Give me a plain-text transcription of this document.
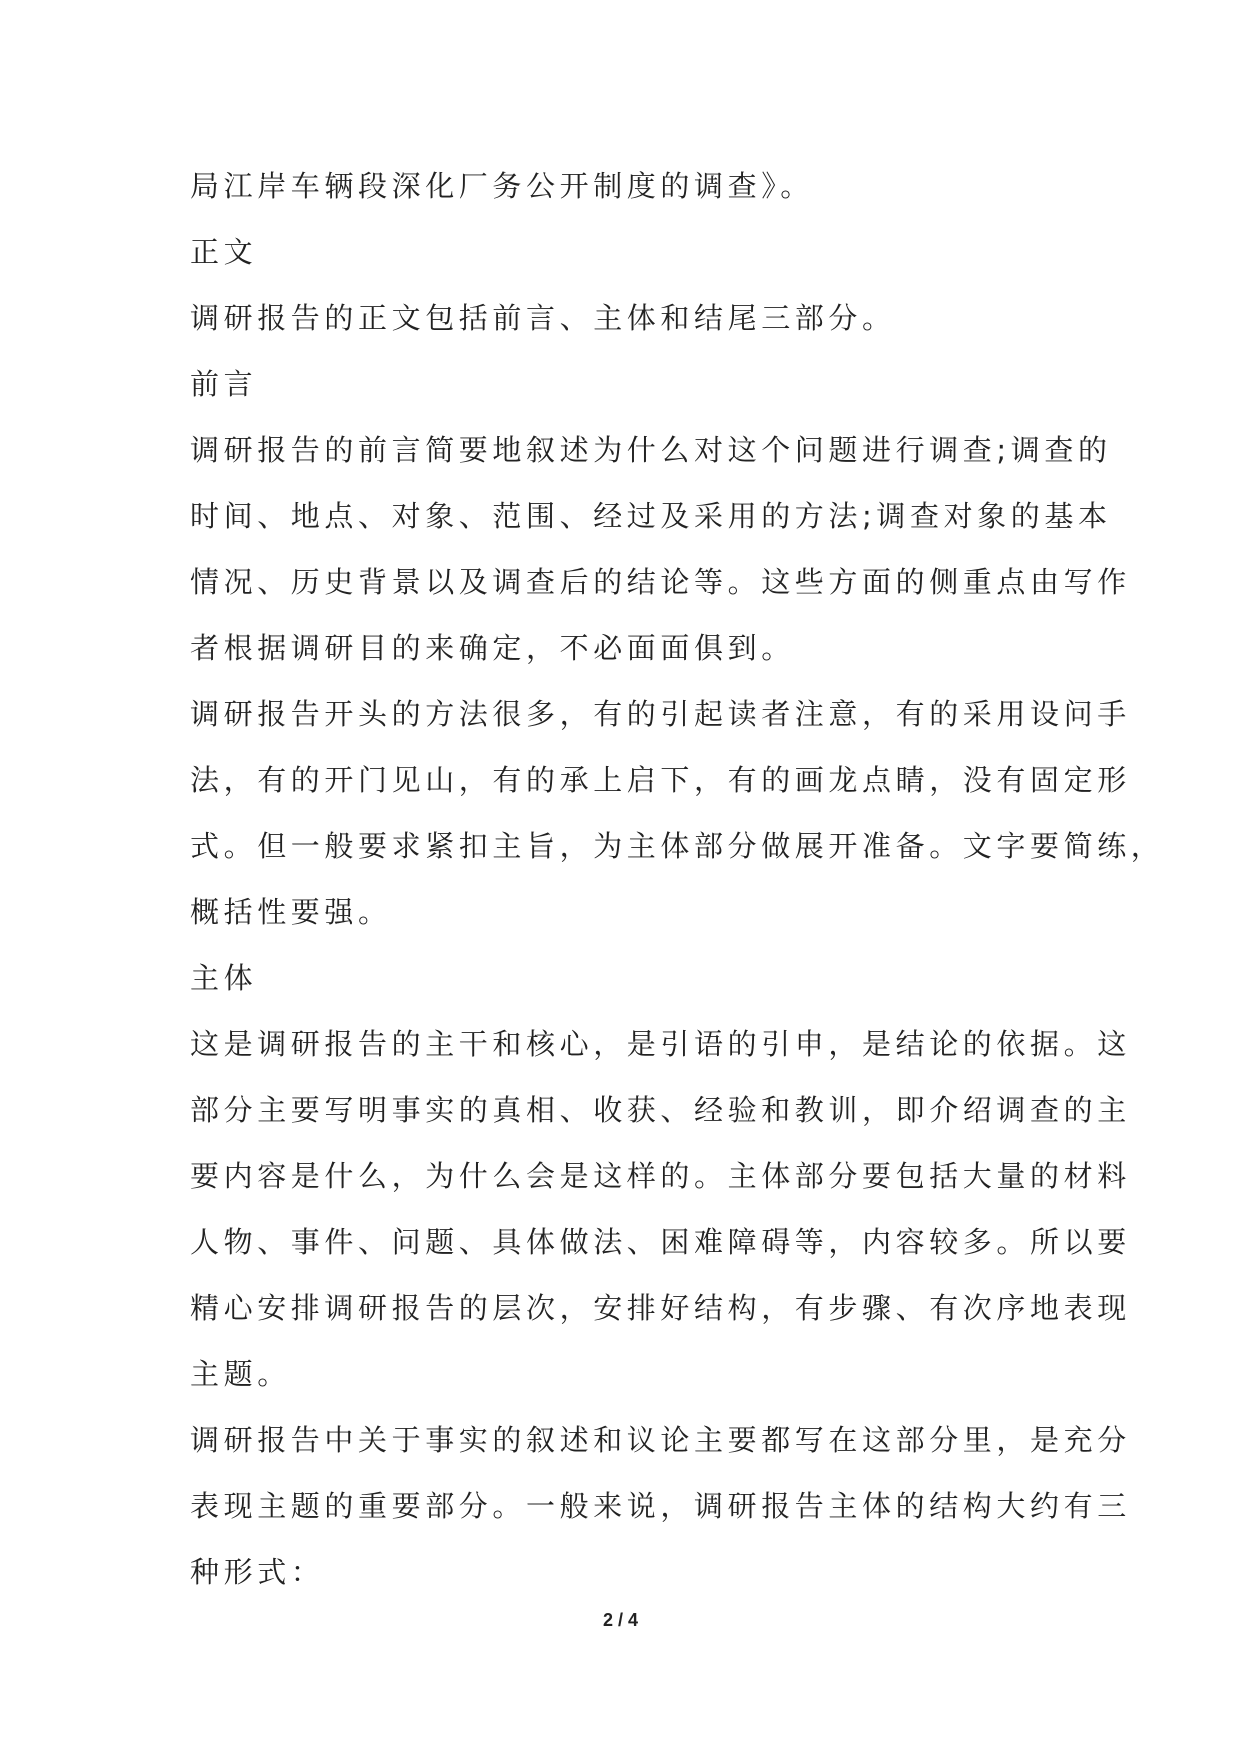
局江岸车辆段深化厂务公开制度的调查》。
正文
调研报告的正文包括前言、主体和结尾三部分。
前言
调研报告的前言简要地叙述为什么对这个问题进行调查;调查的
时间、地点、对象、范围、经过及采用的方法;调查对象的基本
情况、历史背景以及调查后的结论等。这些方面的侧重点由写作
者根据调研目的来确定，不必面面俱到。
调研报告开头的方法很多，有的引起读者注意，有的采用设问手
法，有的开门见山，有的承上启下，有的画龙点睛，没有固定形
式。但一般要求紧扣主旨，为主体部分做展开准备。文字要简练，
概括性要强。
主体
这是调研报告的主干和核心，是引语的引申，是结论的依据。这
部分主要写明事实的真相、收获、经验和教训，即介绍调查的主
要内容是什么，为什么会是这样的。主体部分要包括大量的材料
人物、事件、问题、具体做法、困难障碍等，内容较多。所以要
精心安排调研报告的层次，安排好结构，有步骤、有次序地表现
主题。
调研报告中关于事实的叙述和议论主要都写在这部分里，是充分
表现主题的重要部分。一般来说，调研报告主体的结构大约有三
种形式：
2 / 4
